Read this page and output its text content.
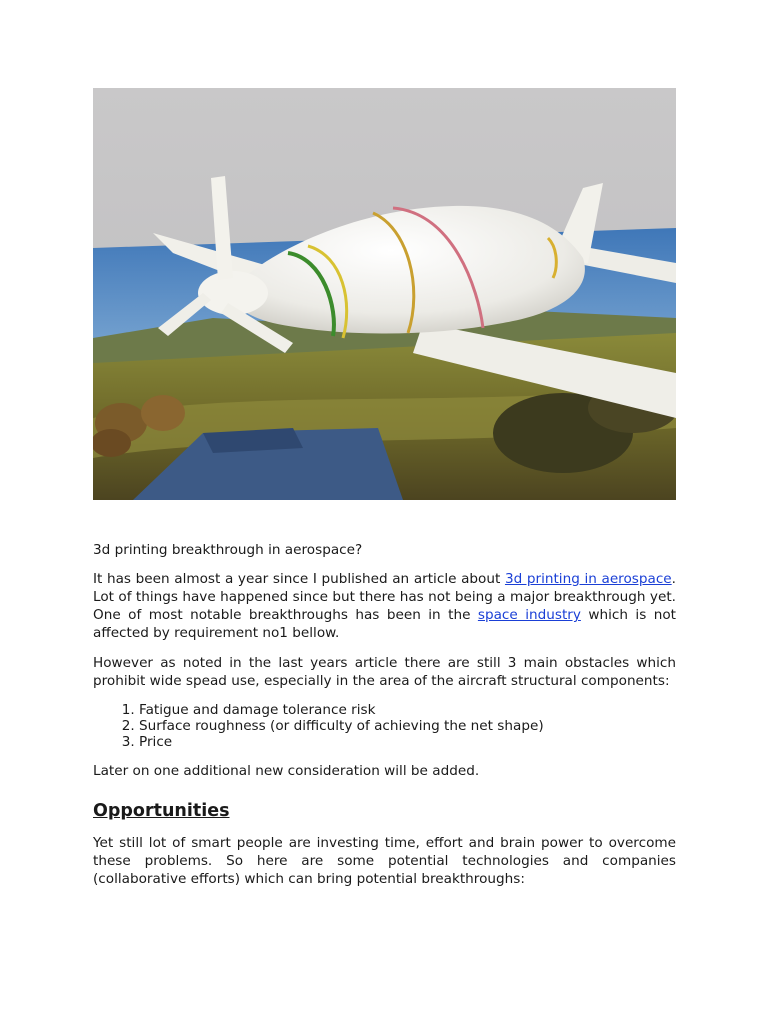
3d printing breakthrough in aerospace?

It has been almost a year since I published an article about 3d printing in aerospace. Lot of things have happened since but there has not being a major breakthrough yet. One of most notable breakthroughs has been in the space industry which is not affected by requirement no1 bellow.

However as noted in the last years article there are still 3 main obstacles which prohibit wide spead use, especially in the area of the aircraft structural components:

1. Fatigue and damage tolerance risk
2. Surface roughness (or difficulty of achieving the net shape)
3. Price

Later on one additional new consideration will be added.

Opportunities

Yet still lot of smart people are investing time, effort and brain power to overcome these problems. So here are some potential technologies and companies (collaborative efforts) which can bring potential breakthroughs:
